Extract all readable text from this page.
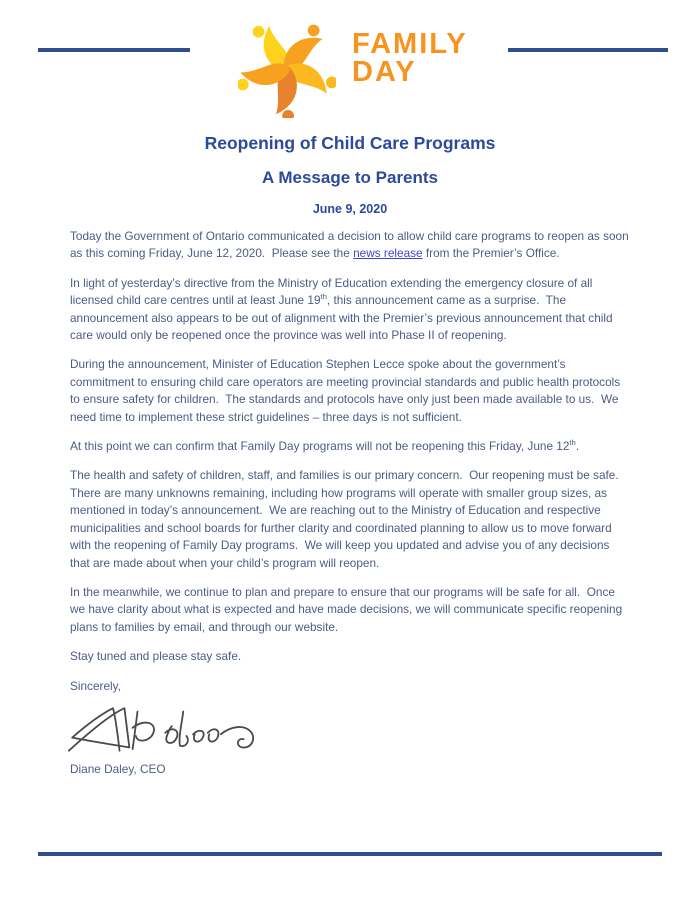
FAMILY
DAY

Reopening of Child Care Programs

A Message to Parents

June 9, 2020

Today the Government of Ontario communicated a decision to allow child care programs to reopen as soon as this coming Friday, June 12, 2020.  Please see the news release from the Premier’s Office.

In light of yesterday’s directive from the Ministry of Education extending the emergency closure of all licensed child care centres until at least June 19th, this announcement came as a surprise.  The announcement also appears to be out of alignment with the Premier’s previous announcement that child care would only be reopened once the province was well into Phase II of reopening.

During the announcement, Minister of Education Stephen Lecce spoke about the government’s commitment to ensuring child care operators are meeting provincial standards and public health protocols to ensure safety for children.  The standards and protocols have only just been made available to us.  We need time to implement these strict guidelines – three days is not sufficient.

At this point we can confirm that Family Day programs will not be reopening this Friday, June 12th.

The health and safety of children, staff, and families is our primary concern.  Our reopening must be safe.  There are many unknowns remaining, including how programs will operate with smaller group sizes, as mentioned in today’s announcement.  We are reaching out to the Ministry of Education and respective municipalities and school boards for further clarity and coordinated planning to allow us to move forward with the reopening of Family Day programs.  We will keep you updated and advise you of any decisions that are made about when your child’s program will reopen.

In the meanwhile, we continue to plan and prepare to ensure that our programs will be safe for all.  Once we have clarity about what is expected and have made decisions, we will communicate specific reopening plans to families by email, and through our website.

Stay tuned and please stay safe.

Sincerely,

Diane Daley, CEO
